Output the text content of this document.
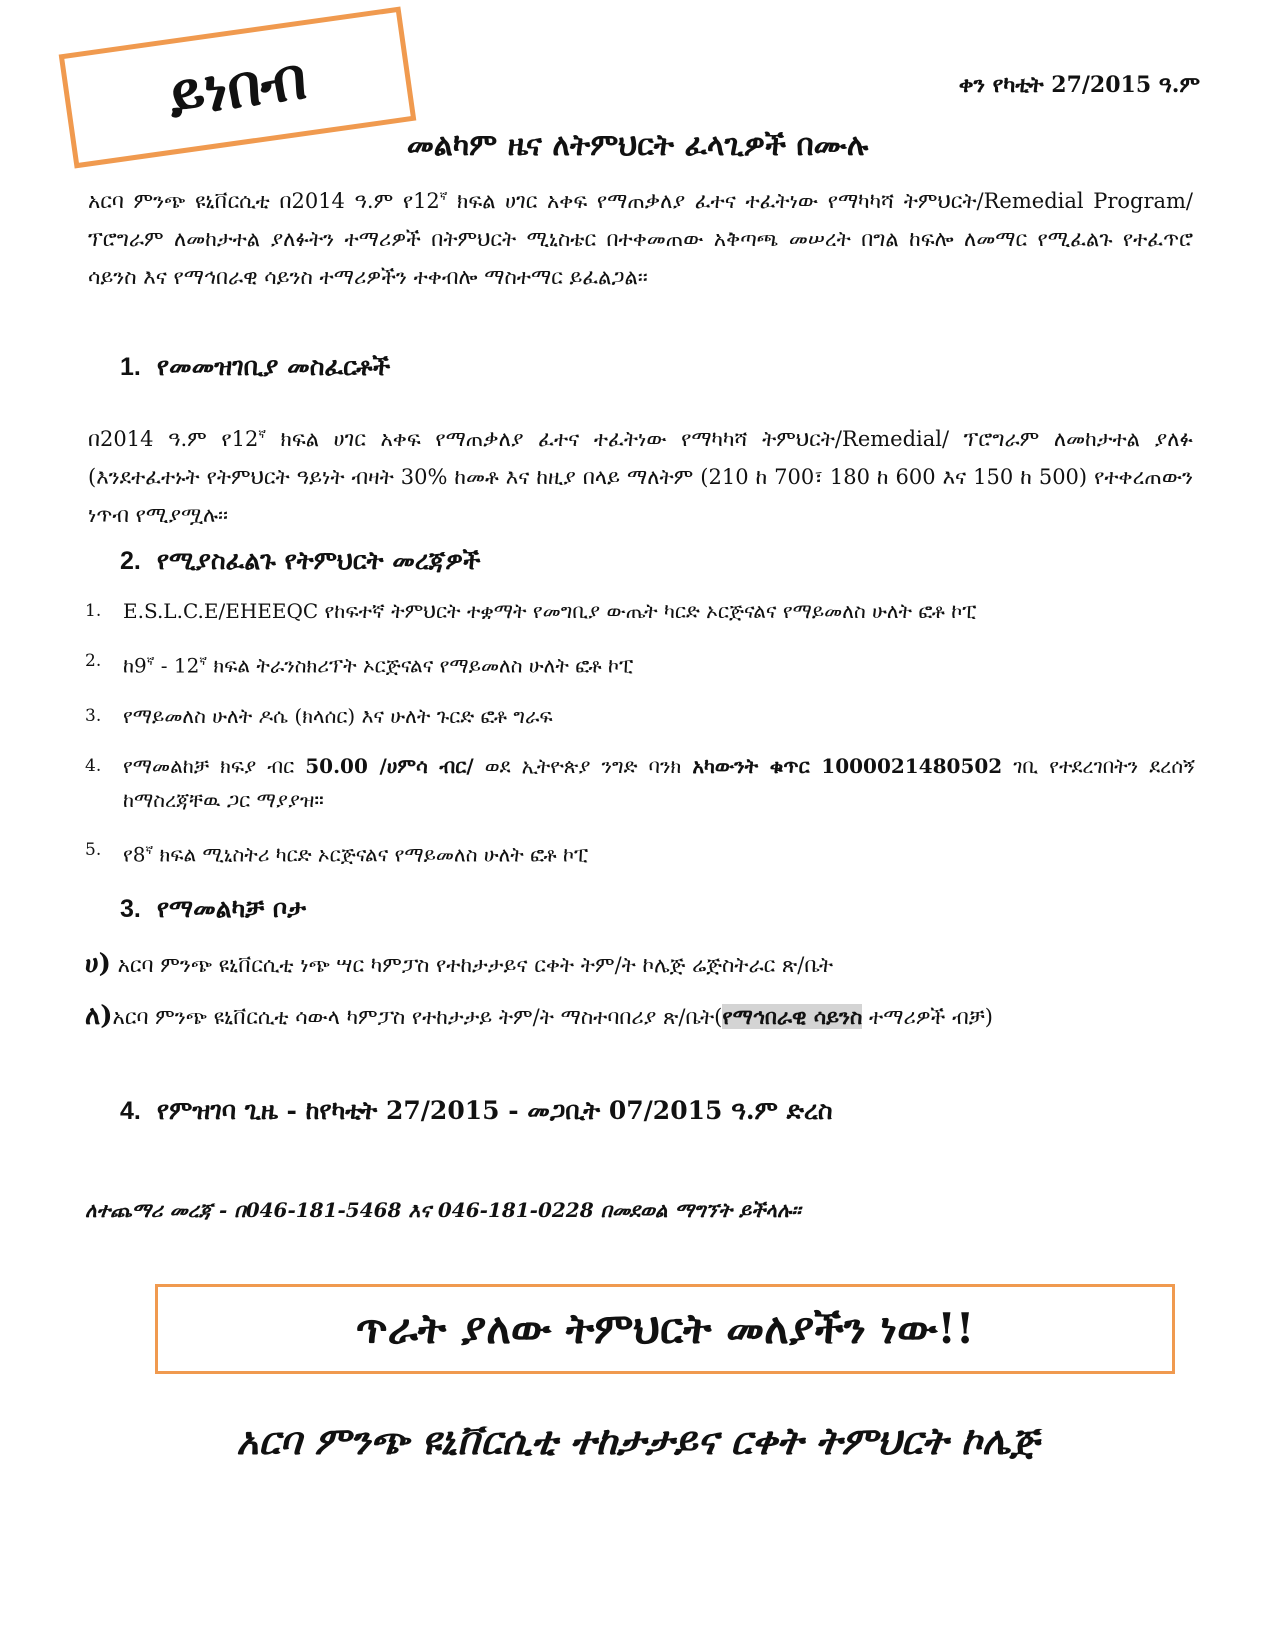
ይነበብ	ቀን የካቲት 27/2015 ዓ.ም
መልካም ዜና ለትምህርት ፈላጊዎች በሙሉ
አርባ ምንጭ ዩኒቨርሲቲ በ2014 ዓ.ም $የ12^ኛ$ ክፍል ሀገር አቀፍ የማጠቃለያ ፈተና ተፈትነው የማካካሻ ትምህርት/Remedial Program/ ፕሮግራም ለመከታተል ያለፉትን ተማሪዎች በትምህርት ሚኒስቴር በተቀመጠው አቅጣጫ መሠረት በግል ከፍሎ ለመማር የሚፈልጉ የተፈጥሮ ሳይንስ እና የማኅበራዊ ሳይንስ ተማሪዎችን ተቀብሎ ማስተማር ይፈልጋል፡፡
1. የመመዝገቢያ መስፈርቶች
በ2014 ዓ.ም $የ12^ኛ$ ክፍል ሀገር አቀፍ የማጠቃለያ ፈተና ተፈትነው የማካካሻ ትምህርት/Remedial/ ፕሮግራም ለመከታተል ያለፉ (እንደተፈተኑት የትምህርት ዓይነት ብዛት 30% ከመቶ እና ከዚያ በላይ ማለትም (210 ከ 700፣ 180 ከ 600 እና 150 ከ 500) የተቀረጠውን ነጥብ የሚያሟሉ፡፡
2. የሚያስፈልጉ የትምህርት መረጃዎች
1. E.S.L.C.E/EHEEQC የከፍተኛ ትምህርት ተቋማት የመግቢያ ውጤት ካርድ ኦርጅናልና የማይመለስ ሁለት ፎቶ ኮፒ
2. $ከ9^ኛ - 12^ኛ$ ክፍል ትራንስክሪፕት ኦርጅናልና የማይመለስ ሁለት ፎቶ ኮፒ
3. የማይመለስ ሁለት ዶሴ (ክላሰር) እና ሁለት ጉርድ ፎቶ ግራፍ
4. የማመልከቻ ክፍያ ብር 50.00 /ሀምሳ ብር/ ወደ ኢትዮጵያ ንግድ ባንክ አካውንት ቁጥር 1000021480502 ገቢ የተደረገበትን ደረሰኝ ከማስረጃቸዉ ጋር ማያያዝ።
5. $የ8^ኛ$ ክፍል ሚኒስትሪ ካርድ ኦርጅናልና የማይመለስ ሁለት ፎቶ ኮፒ
3. የማመልካቻ ቦታ
ሀ) አርባ ምንጭ ዩኒቨርሲቲ ነጭ ሣር ካምፓስ የተከታታይና ርቀት ትም/ት ኮሌጅ ሬጅስትራር ጽ/ቤት
ለ)አርባ ምንጭ ዩኒቨርሲቲ ሳውላ ካምፓስ የተከታታይ ትም/ት ማስተባበሪያ ጽ/ቤት(የማኅበራዊ ሳይንስ ተማሪዎች ብቻ)
4. የምዝገባ ጊዜ - ከየካቲት 27/2015 - መጋቢት 07/2015 ዓ.ም ድረስ
ለተጨማሪ መረጃ - በ046-181-5468 እና 046-181-0228 በመደወል ማግኘት ይችላሉ፡፡
ጥራት ያለው ትምህርት መለያችን ነው!!
አርባ ምንጭ ዩኒቨርሲቲ ተከታታይና ርቀት ትምህርት ኮሌጅ
